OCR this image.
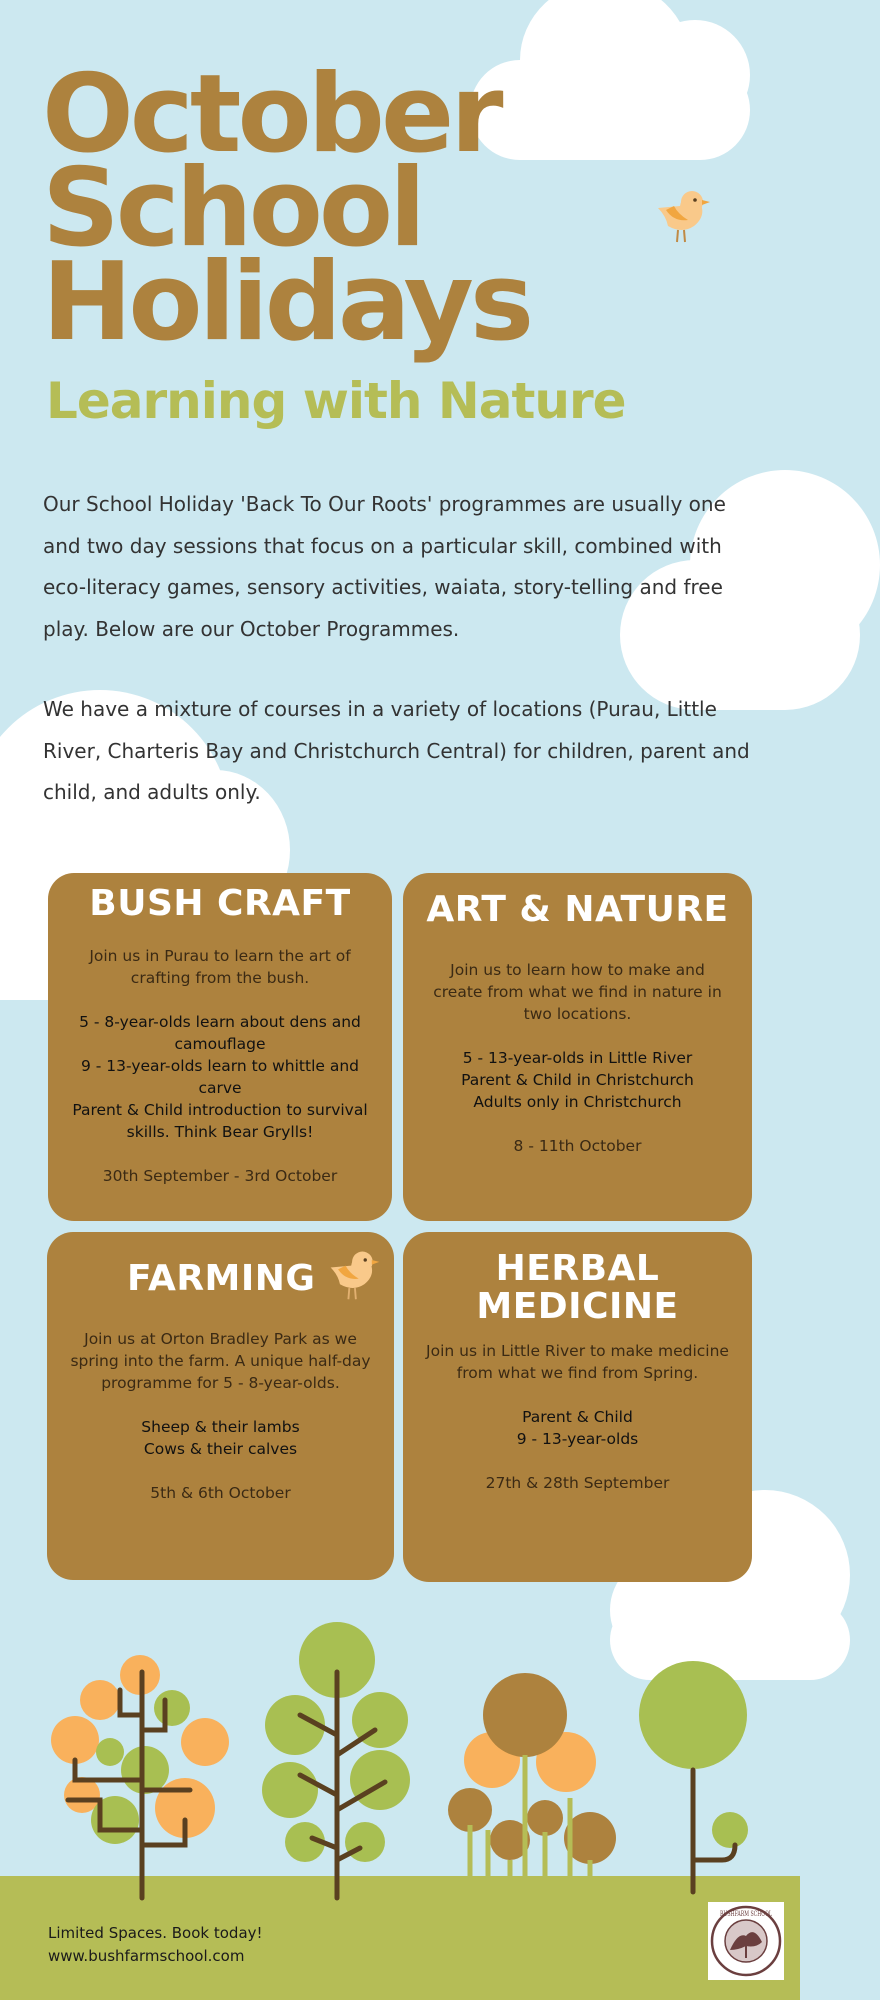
October
School
Holidays
Learning with Nature

Our School Holiday 'Back To Our Roots' programmes are usually one and two day sessions that focus on a particular skill, combined with eco-literacy games, sensory activities, waiata, story-telling and free play. Below are our October Programmes.

We have a mixture of courses in a variety of locations (Purau, Little River, Charteris Bay and Christchurch Central) for children, parent and child, and adults only.

BUSH CRAFT

Join us in Purau to learn the art of crafting from the bush.

5 - 8-year-olds learn about dens and camouflage

9 - 13-year-olds learn to whittle and carve

Parent & Child introduction to survival skills. Think Bear Grylls!

30th September - 3rd October

ART & NATURE

Join us to learn how to make and create from what we find in nature in two locations.

5 - 13-year-olds in Little River

Parent & Child in Christchurch

Adults only in Christchurch

8 - 11th October

FARMING

Join us at Orton Bradley Park as we spring into the farm. A unique half-day programme for 5 - 8-year-olds.

Sheep & their lambs

Cows & their calves

5th & 6th October

HERBAL
MEDICINE

Join us in Little River to make medicine from what we find from Spring.

Parent & Child

9 - 13-year-olds

27th & 28th September

Limited Spaces. Book today!
www.bushfarmschool.com
BUSHFARM SCHOOL
